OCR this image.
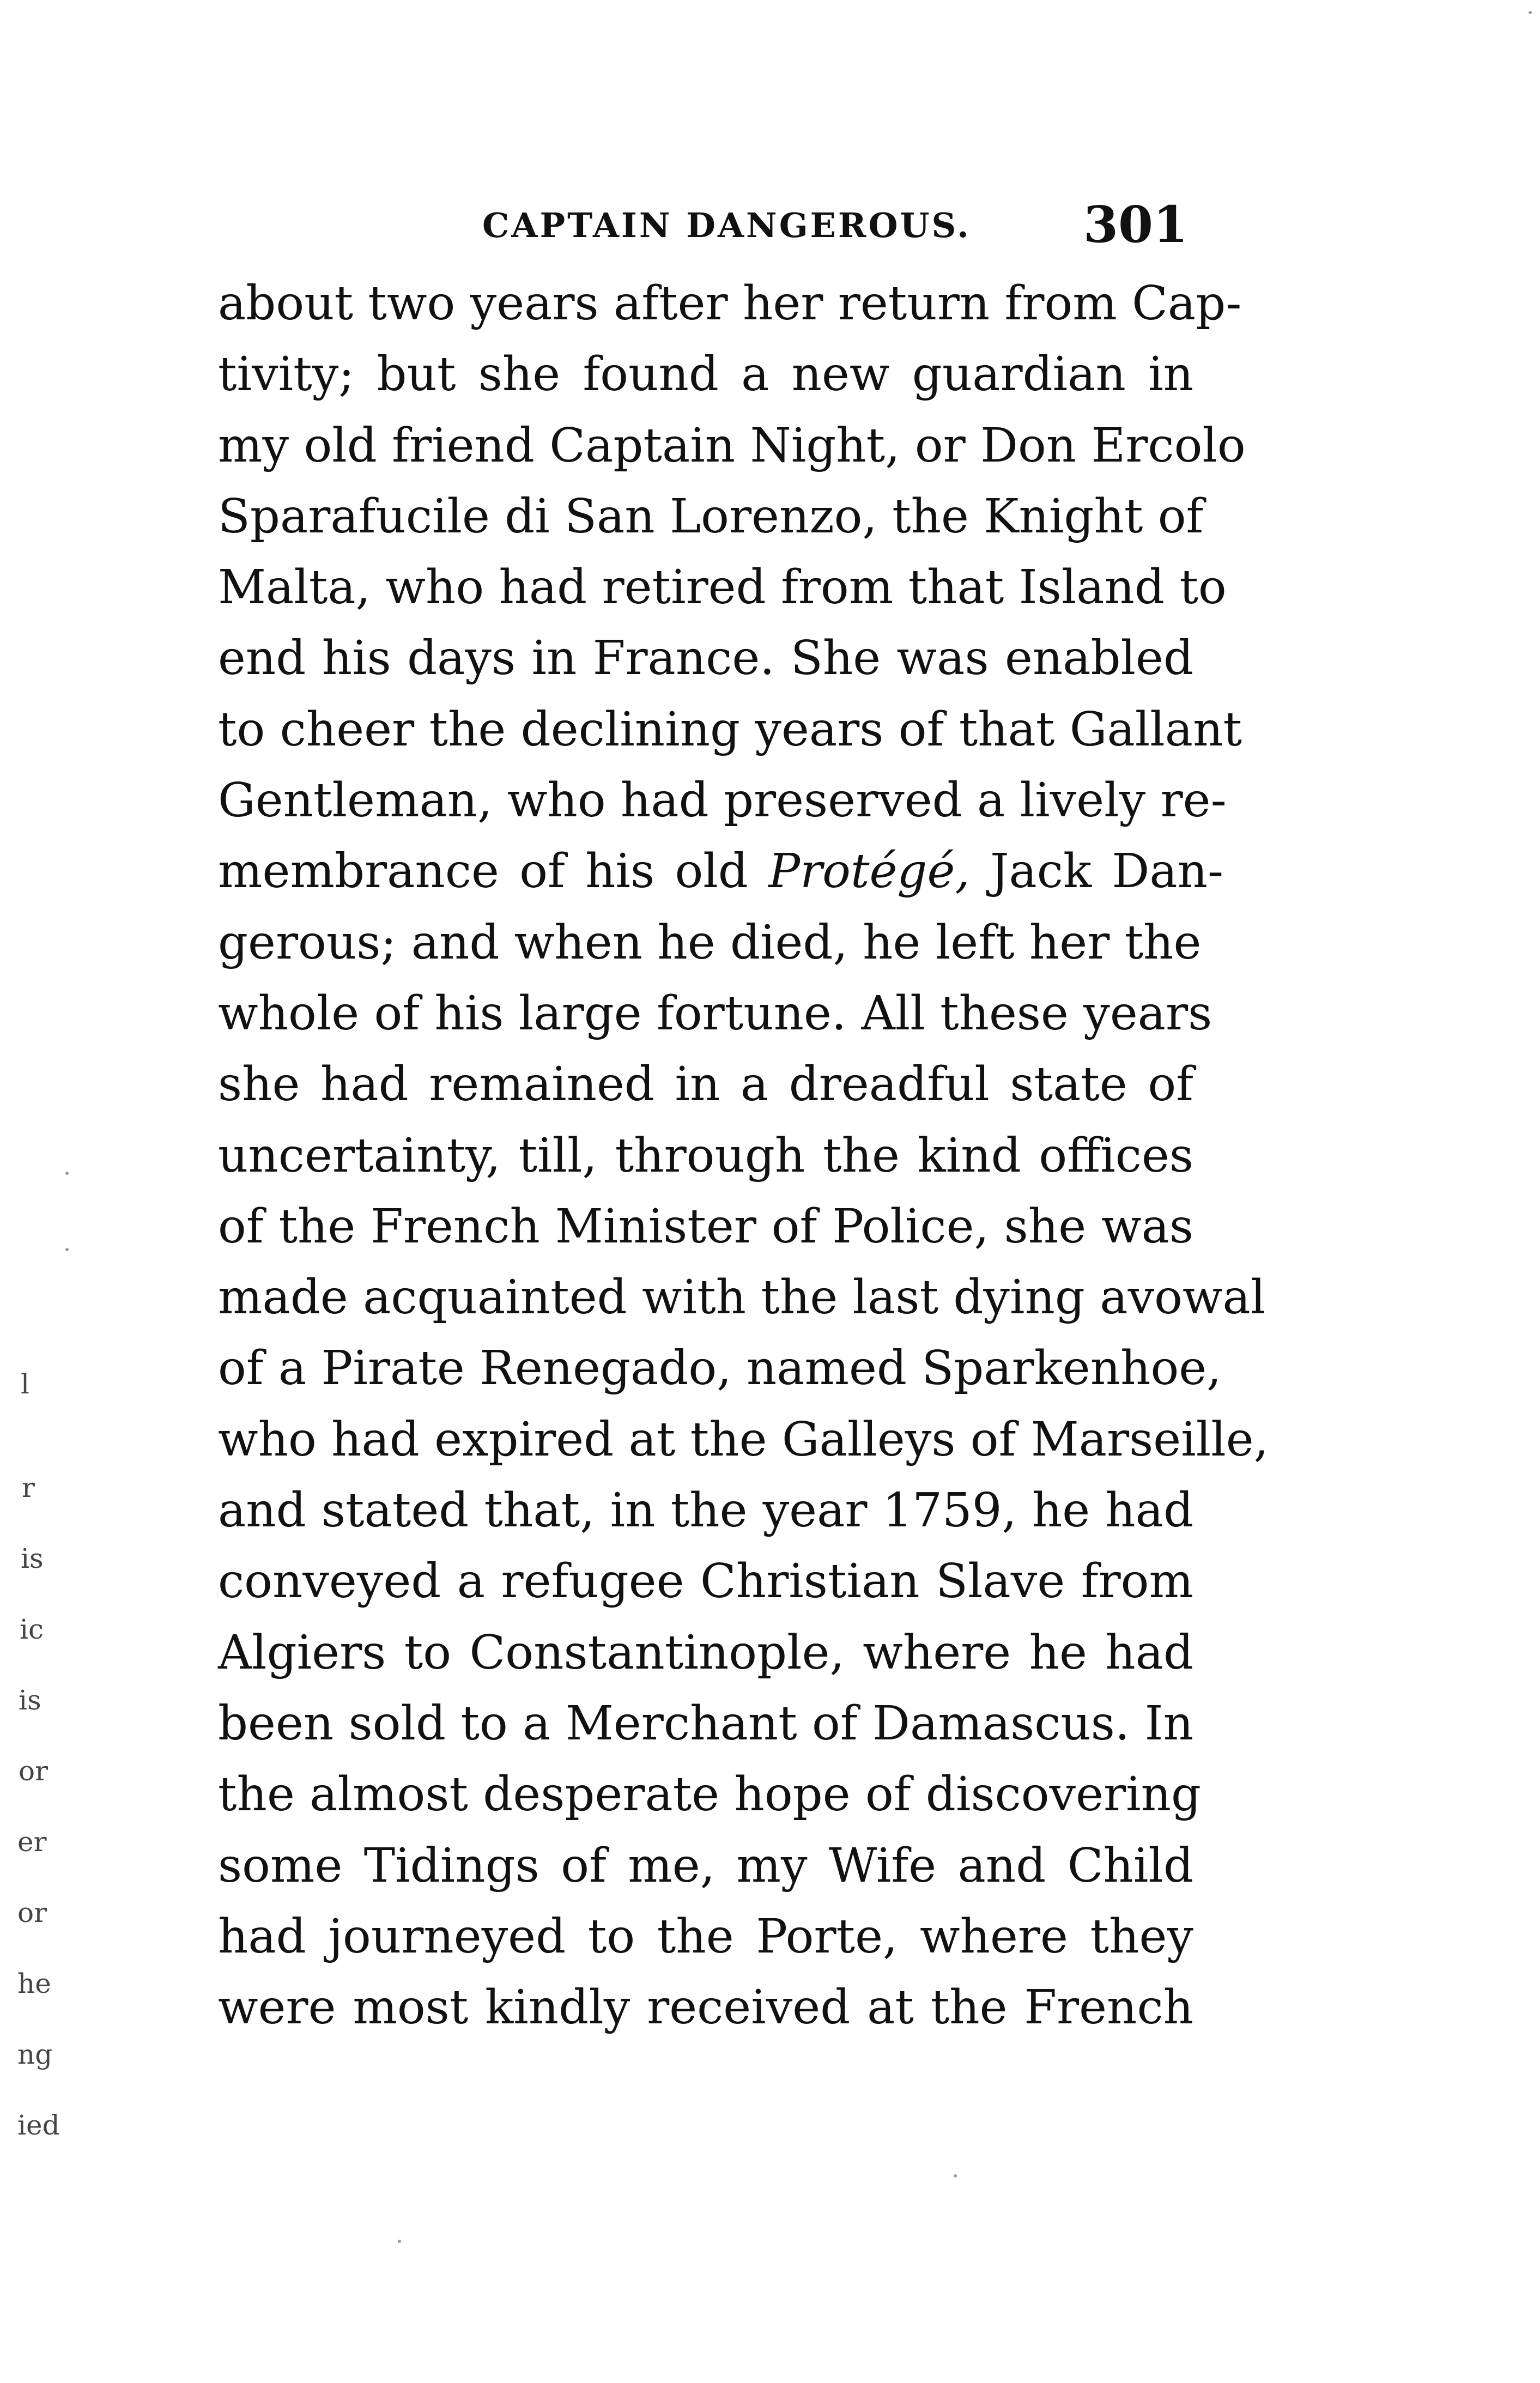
CAPTAIN DANGEROUS. 301
about two years after her return from Cap-
tivity; but she found a new guardian in
my old friend Captain Night, or Don Ercolo
Sparafucile di San Lorenzo, the Knight of
Malta, who had retired from that Island to
end his days in France. She was enabled
to cheer the declining years of that Gallant
Gentleman, who had preserved a lively re-
membrance of his old Protégé, Jack Dan-
gerous; and when he died, he left her the
whole of his large fortune. All these years
she had remained in a dreadful state of
uncertainty, till, through the kind offices
of the French Minister of Police, she was
made acquainted with the last dying avowal
of a Pirate Renegado, named Sparkenhoe,
who had expired at the Galleys of Marseille,
and stated that, in the year 1759, he had
conveyed a refugee Christian Slave from
Algiers to Constantinople, where he had
been sold to a Merchant of Damascus. In
the almost desperate hope of discovering
some Tidings of me, my Wife and Child
had journeyed to the Porte, where they
were most kindly received at the French
l
r
is
ic
is
or
er
or
he
ng
ied
